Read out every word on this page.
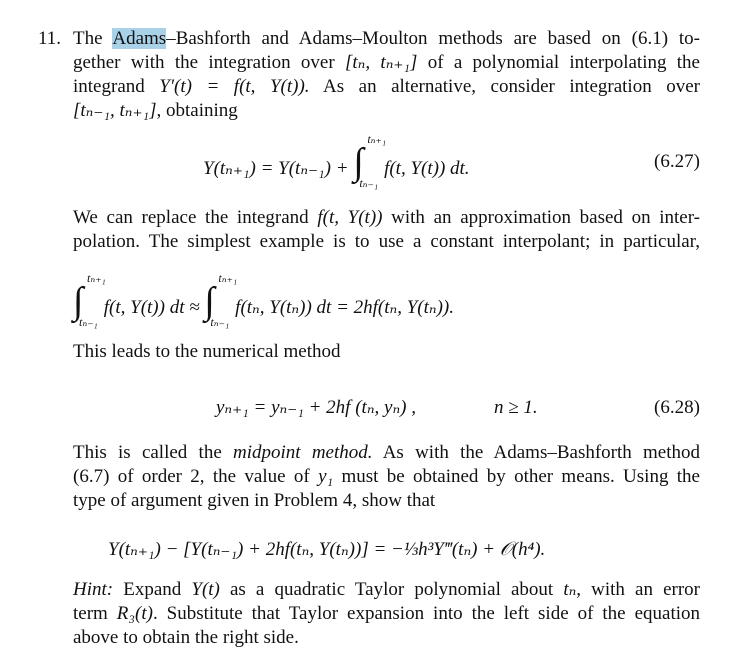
11. The Adams–Bashforth and Adams–Moulton methods are based on (6.1) to-
gether with the integration over [tₙ, tₙ₊₁] of a polynomial interpolating the
integrand Y′(t) = f(t, Y(t)). As an alternative, consider integration over
[tₙ₋₁, tₙ₊₁], obtaining
Y(tₙ₊₁) = Y(tₙ₋₁) + ∫
tₙ₊₁
tₙ₋₁
f(t, Y(t)) dt.	(6.27)
We can replace the integrand f(t, Y(t)) with an approximation based on inter-
polation. The simplest example is to use a constant interpolant; in particular,
∫
tₙ₊₁
tₙ₋₁
f(t, Y(t)) dt ≈ ∫
tₙ₊₁
tₙ₋₁
f(tₙ, Y(tₙ)) dt = 2hf(tₙ, Y(tₙ)).
This leads to the numerical method
yₙ₊₁ = yₙ₋₁ + 2hf (tₙ, yₙ) ,	n ≥ 1.	(6.28)
This is called the midpoint method. As with the Adams–Bashforth method
(6.7) of order 2, the value of y₁ must be obtained by other means. Using the
type of argument given in Problem 4, show that
Y(tₙ₊₁) − [Y(tₙ₋₁) + 2hf(tₙ, Y(tₙ))] = −⅓h³Y‴(tₙ) + 𝒪(h⁴).
Hint: Expand Y(t) as a quadratic Taylor polynomial about tₙ, with an error
term R₃(t). Substitute that Taylor expansion into the left side of the equation
above to obtain the right side.
